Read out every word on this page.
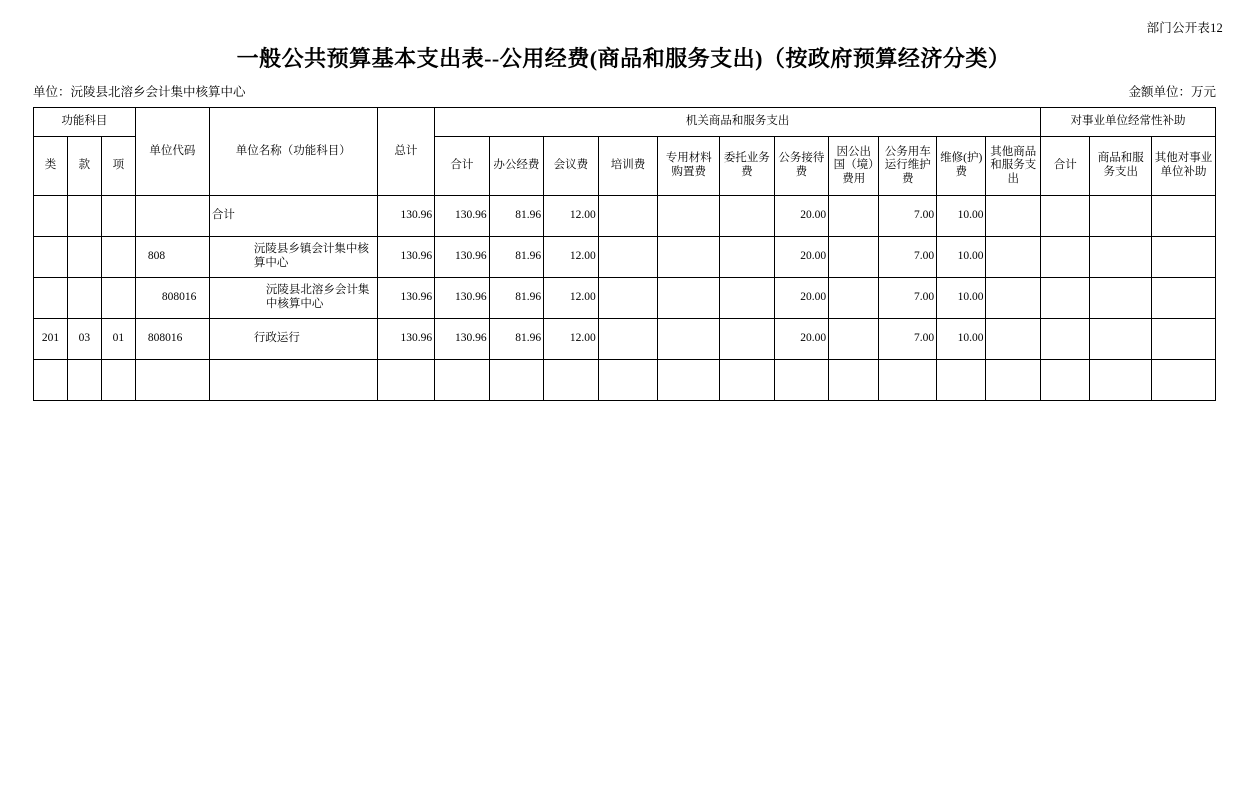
部门公开表12
一般公共预算基本支出表--公用经费(商品和服务支出)（按政府预算经济分类）
单位：沅陵县北溶乡会计集中核算中心	金额单位：万元
功能科目			单位代码	单位名称（功能科目）	总计	机关商品和服务支出											对事业单位经常性补助		
类	款	项				合计	办公经费	会议费	培训费	专用材料购置费	委托业务费	公务接待费	因公出国（境）费用	公务用车运行维护费	维修(护)费	其他商品和服务支出	合计	商品和服务支出	其他对事业单位补助
				合计	130.96	130.96	81.96	12.00				20.00		7.00	10.00				
			808	沅陵县乡镇会计集中核算中心	130.96	130.96	81.96	12.00				20.00		7.00	10.00				
			808016	沅陵县北溶乡会计集中核算中心	130.96	130.96	81.96	12.00				20.00		7.00	10.00				
201	03	01	808016	行政运行	130.96	130.96	81.96	12.00				20.00		7.00	10.00				
